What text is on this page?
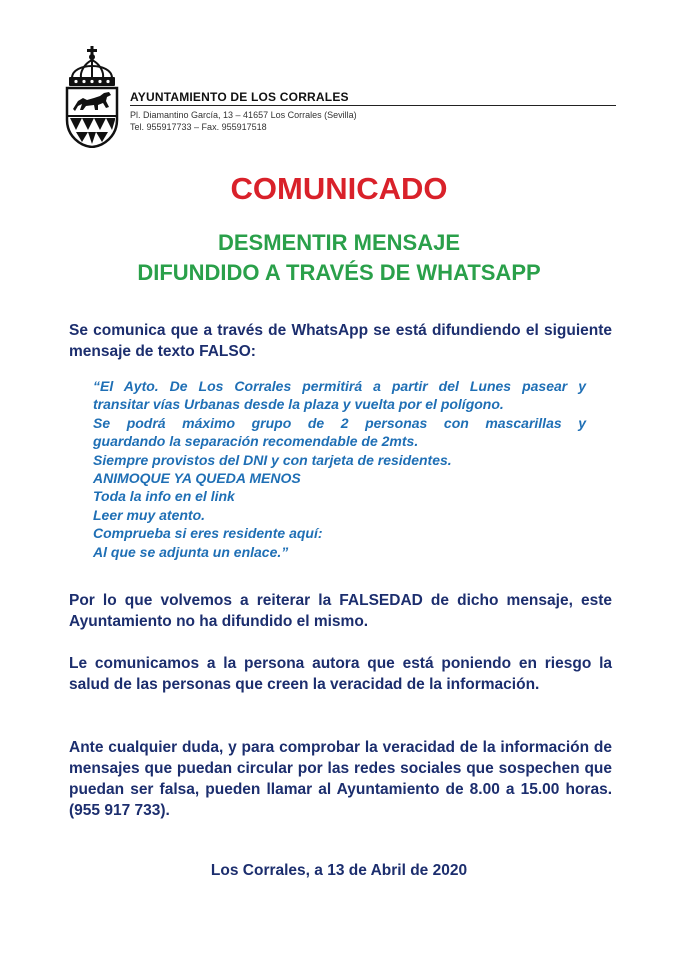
AYUNTAMIENTO DE LOS CORRALES
Pl. Diamantino García, 13 – 41657 Los Corrales (Sevilla)
Tel. 955917733 – Fax. 955917518
COMUNICADO
DESMENTIR MENSAJE
DIFUNDIDO A TRAVÉS DE WHATSAPP
Se comunica que a través de WhatsApp se está difundiendo el siguiente mensaje de texto FALSO:
“El Ayto. De Los Corrales permitirá a partir del Lunes pasear y
transitar vías Urbanas desde la plaza y vuelta por el polígono.
Se podrá máximo grupo de 2 personas con mascarillas y
guardando la separación recomendable de 2mts.
Siempre provistos del DNI y con tarjeta de residentes.
ANIMOQUE YA QUEDA MENOS
Toda la info en el link
Leer muy atento.
Comprueba si eres residente aquí:
Al que se adjunta un enlace.”
Por lo que volvemos a reiterar la FALSEDAD de dicho mensaje, este Ayuntamiento no ha difundido el mismo.
Le comunicamos a la persona autora que está poniendo en riesgo la salud de las personas que creen la veracidad de la información.
Ante cualquier duda, y para comprobar la veracidad de la información de mensajes que puedan circular por las redes sociales que sospechen que puedan ser falsa, pueden llamar al Ayuntamiento de 8.00 a 15.00 horas. (955 917 733).
Los Corrales, a 13 de Abril de 2020
